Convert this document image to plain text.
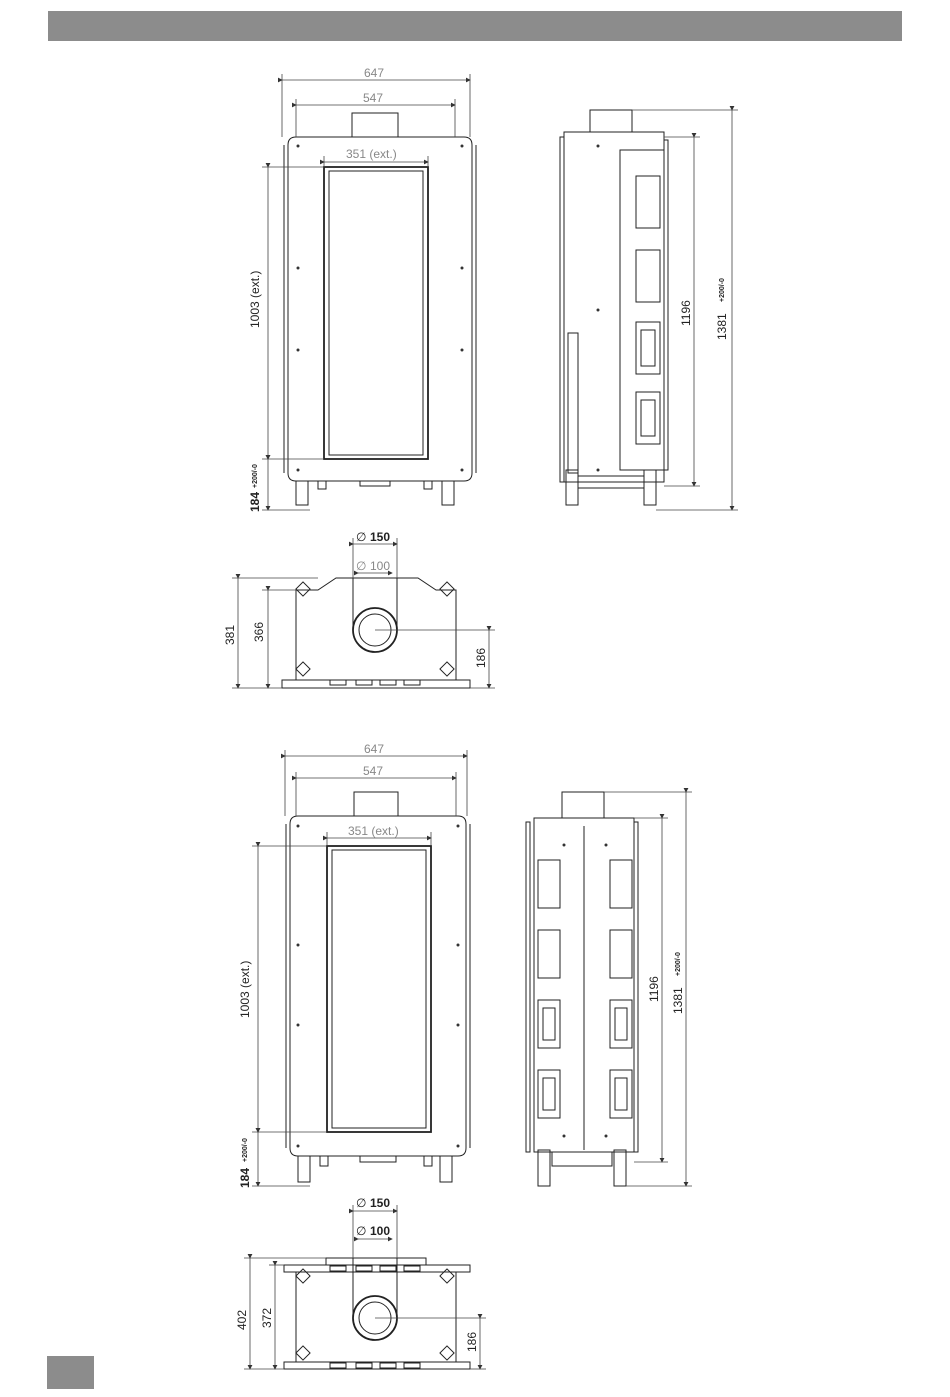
647
547
351 (ext.)
1003 (ext.)
184
+200/-0
1196
1381
+200/-0
∅ 150
∅ 100
381 366
186
647
547
351 (ext.)
1003 (ext.)
184
+200/-0
1196 1381
+200/-0
∅ 150
∅ 100
402 372
186
